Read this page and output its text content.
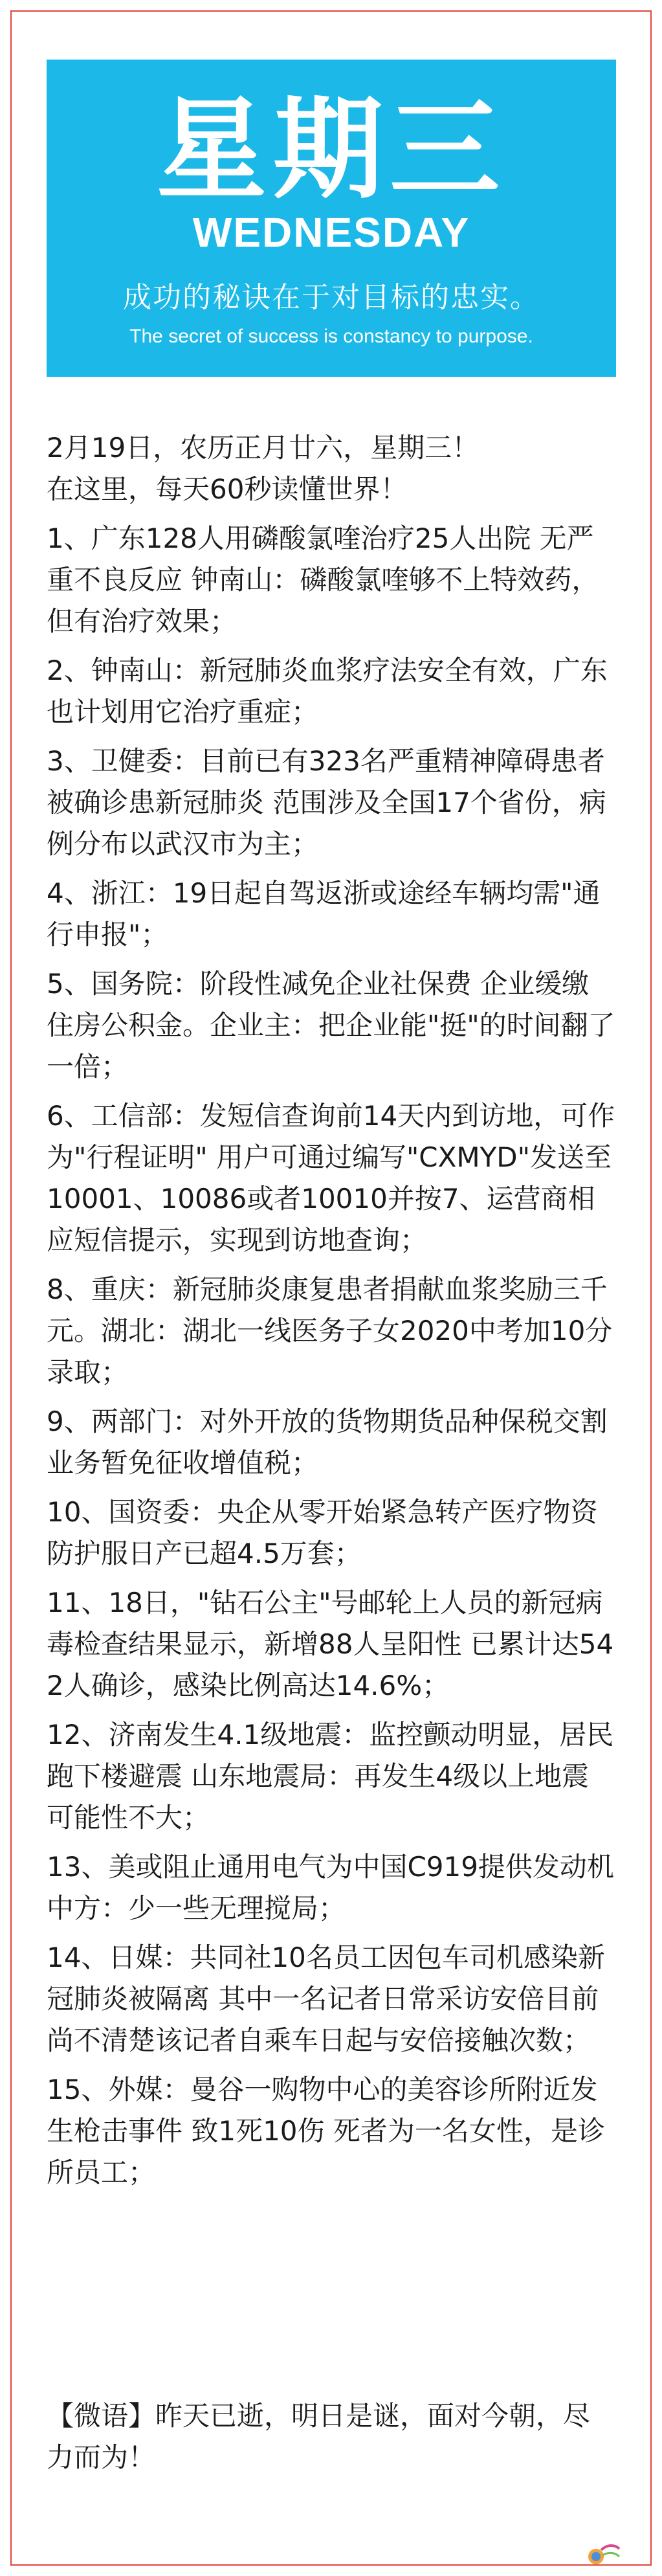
星期三
WEDNESDAY
成功的秘诀在于对目标的忠实。
The secret of success is constancy to purpose.

2月19日，农历正月廿六，星期三！

在这里，每天60秒读懂世界！

1、广东128人用磷酸氯喹治疗25人出院 无严重不良反应 钟南山：磷酸氯喹够不上特效药，但有治疗效果；

2、钟南山：新冠肺炎血浆疗法安全有效，广东也计划用它治疗重症；

3、卫健委：目前已有323名严重精神障碍患者被确诊患新冠肺炎 范围涉及全国17个省份，病例分布以武汉市为主；

4、浙江：19日起自驾返浙或途经车辆均需"通行申报"；

5、国务院：阶段性减免企业社保费 企业缓缴住房公积金。企业主：把企业能"挺"的时间翻了一倍；

6、工信部：发短信查询前14天内到访地，可作为"行程证明" 用户可通过编写"CXMYD"发送至10001、10086或者10010并按7、运营商相应短信提示，实现到访地查询；

8、重庆：新冠肺炎康复患者捐献血浆奖励三千元。湖北：湖北一线医务子女2020中考加10分录取；

9、两部门：对外开放的货物期货品种保税交割业务暂免征收增值税；

10、国资委：央企从零开始紧急转产医疗物资 防护服日产已超4.5万套；

11、18日，"钻石公主"号邮轮上人员的新冠病毒检查结果显示，新增88人呈阳性 已累计达542人确诊，感染比例高达14.6%；

12、济南发生4.1级地震：监控颤动明显，居民跑下楼避震 山东地震局：再发生4级以上地震可能性不大；

13、美或阻止通用电气为中国C919提供发动机 中方：少一些无理搅局；

14、日媒：共同社10名员工因包车司机感染新冠肺炎被隔离 其中一名记者日常采访安倍目前尚不清楚该记者自乘车日起与安倍接触次数；

15、外媒：曼谷一购物中心的美容诊所附近发生枪击事件 致1死10伤 死者为一名女性，是诊所员工；

【微语】昨天已逝，明日是谜，面对今朝，尽力而为！
